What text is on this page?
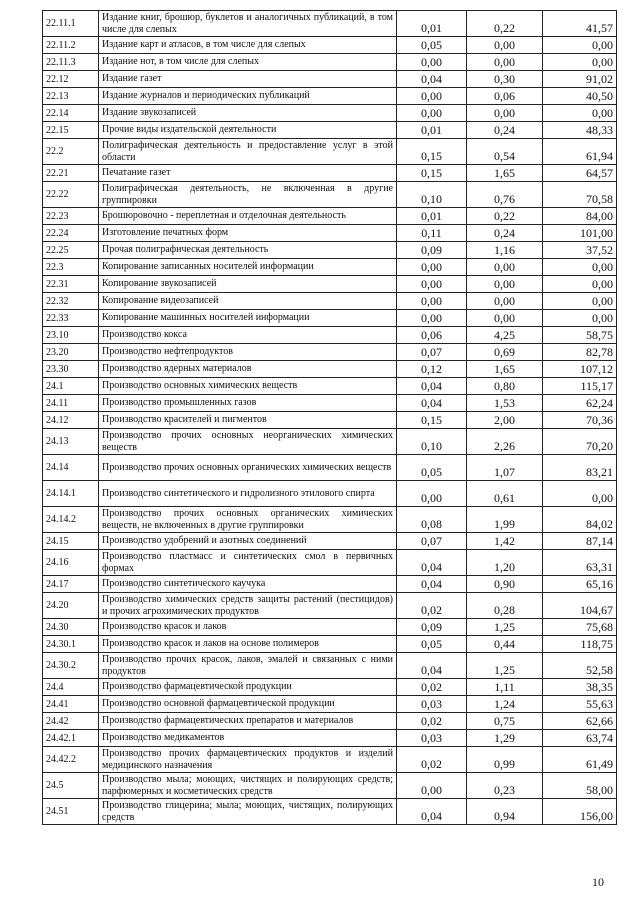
22.11.1	Издание книг, брошюр, буклетов и аналогичных публикаций, в том числе для слепых	0,01	0,22	41,57
22.11.2	Издание карт и атласов, в том числе для слепых	0,05	0,00	0,00
22.11.3	Издание нот, в том числе для слепых	0,00	0,00	0,00
22.12	Издание газет	0,04	0,30	91,02
22.13	Издание журналов и периодических публикаций	0,00	0,06	40,50
22.14	Издание звукозаписей	0,00	0,00	0,00
22.15	Прочие виды издательской деятельности	0,01	0,24	48,33
22.2	Полиграфическая деятельность и предоставление услуг в этой области	0,15	0,54	61,94
22.21	Печатание газет	0,15	1,65	64,57
22.22	Полиграфическая деятельность, не включенная в другие группировки	0,10	0,76	70,58
22.23	Брошюровочно - переплетная и отделочная деятельность	0,01	0,22	84,00
22.24	Изготовление печатных форм	0,11	0,24	101,00
22.25	Прочая полиграфическая деятельность	0,09	1,16	37,52
22.3	Копирование записанных носителей информации	0,00	0,00	0,00
22.31	Копирование звукозаписей	0,00	0,00	0,00
22.32	Копирование видеозаписей	0,00	0,00	0,00
22.33	Копирование машинных носителей информации	0,00	0,00	0,00
23.10	Производство кокса	0,06	4,25	58,75
23.20	Производство нефтепродуктов	0,07	0,69	82,78
23.30	Производство ядерных материалов	0,12	1,65	107,12
24.1	Производство основных химических веществ	0,04	0,80	115,17
24.11	Производство промышленных газов	0,04	1,53	62,24
24.12	Производство красителей и пигментов	0,15	2,00	70,36
24.13	Производство прочих основных неорганических химических веществ	0,10	2,26	70,20
24.14	Производство прочих основных органических химических веществ	0,05	1,07	83,21
24.14.1	Производство синтетического и гидролизного этилового спирта	0,00	0,61	0,00
24.14.2	Производство прочих основных органических химических веществ, не включенных в другие группировки	0,08	1,99	84,02
24.15	Производство удобрений и азотных соединений	0,07	1,42	87,14
24.16	Производство пластмасс и синтетических смол в первичных формах	0,04	1,20	63,31
24.17	Производство синтетического каучука	0,04	0,90	65,16
24.20	Производство химических средств защиты растений (пестицидов) и прочих агрохимических продуктов	0,02	0,28	104,67
24.30	Производство красок и лаков	0,09	1,25	75,68
24.30.1	Производство красок и лаков на основе полимеров	0,05	0,44	118,75
24.30.2	Производство прочих красок, лаков, эмалей и связанных с ними продуктов	0,04	1,25	52,58
24.4	Производство фармацевтической продукции	0,02	1,11	38,35
24.41	Производство основной фармацевтической продукции	0,03	1,24	55,63
24.42	Производство фармацевтических препаратов и материалов	0,02	0,75	62,66
24.42.1	Производство медикаментов	0,03	1,29	63,74
24.42.2	Производство прочих фармацевтических продуктов и изделий медицинского назначения	0,02	0,99	61,49
24.5	Производство мыла; моющих, чистящих и полирующих средств; парфюмерных и косметических средств	0,00	0,23	58,00
24.51	Производство глицерина; мыла; моющих, чистящих, полирующих средств	0,04	0,94	156,00
10
